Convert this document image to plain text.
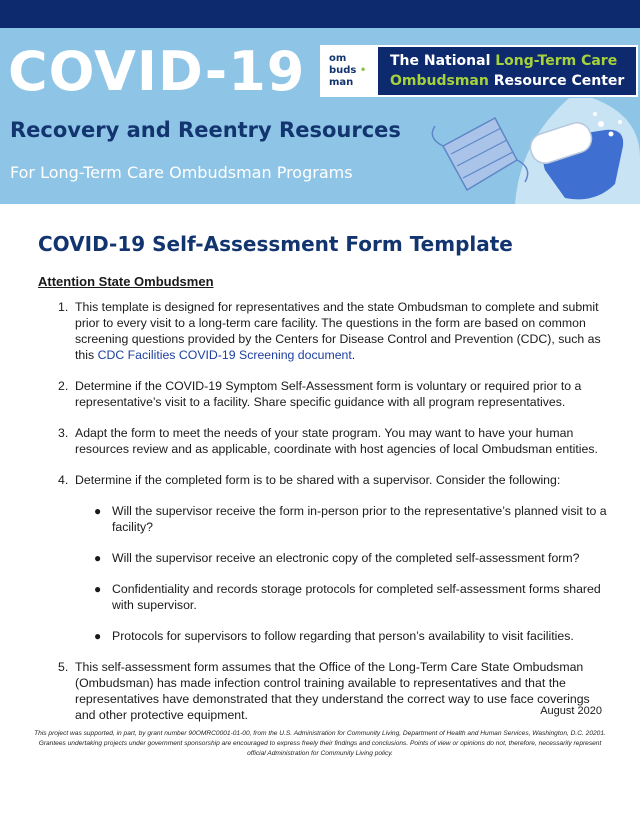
COVID-19
Recovery and Reentry Resources
For Long-Term Care Ombudsman Programs
om
buds •
man
The National Long-Term Care
Ombudsman Resource Center
COVID-19 Self-Assessment Form Template
Attention State Ombudsmen
1. This template is designed for representatives and the state Ombudsman to complete and submit prior to every visit to a long-term care facility. The questions in the form are based on common screening questions provided by the Centers for Disease Control and Prevention (CDC), such as this CDC Facilities COVID-19 Screening document.
2. Determine if the COVID-19 Symptom Self-Assessment form is voluntary or required prior to a representative’s visit to a facility. Share specific guidance with all program representatives.
3. Adapt the form to meet the needs of your state program. You may want to have your human resources review and as applicable, coordinate with host agencies of local Ombudsman entities.
4. Determine if the completed form is to be shared with a supervisor. Consider the following:
● Will the supervisor receive the form in-person prior to the representative’s planned visit to a facility?
● Will the supervisor receive an electronic copy of the completed self-assessment form?
● Confidentiality and records storage protocols for completed self-assessment forms shared with supervisor.
● Protocols for supervisors to follow regarding that person’s availability to visit facilities.
5. This self-assessment form assumes that the Office of the Long-Term Care State Ombudsman (Ombudsman) has made infection control training available to representatives and that the representatives have demonstrated that they understand the correct way to use face coverings and other protective equipment.	August 2020
This project was supported, in part, by grant number 90OMRC0001-01-00, from the U.S. Administration for Community Living, Department of Health and Human Services, Washington, D.C. 20201. Grantees undertaking projects under government sponsorship are encouraged to express freely their findings and conclusions. Points of view or opinions do not, therefore, necessarily represent official Administration for Community Living policy.
